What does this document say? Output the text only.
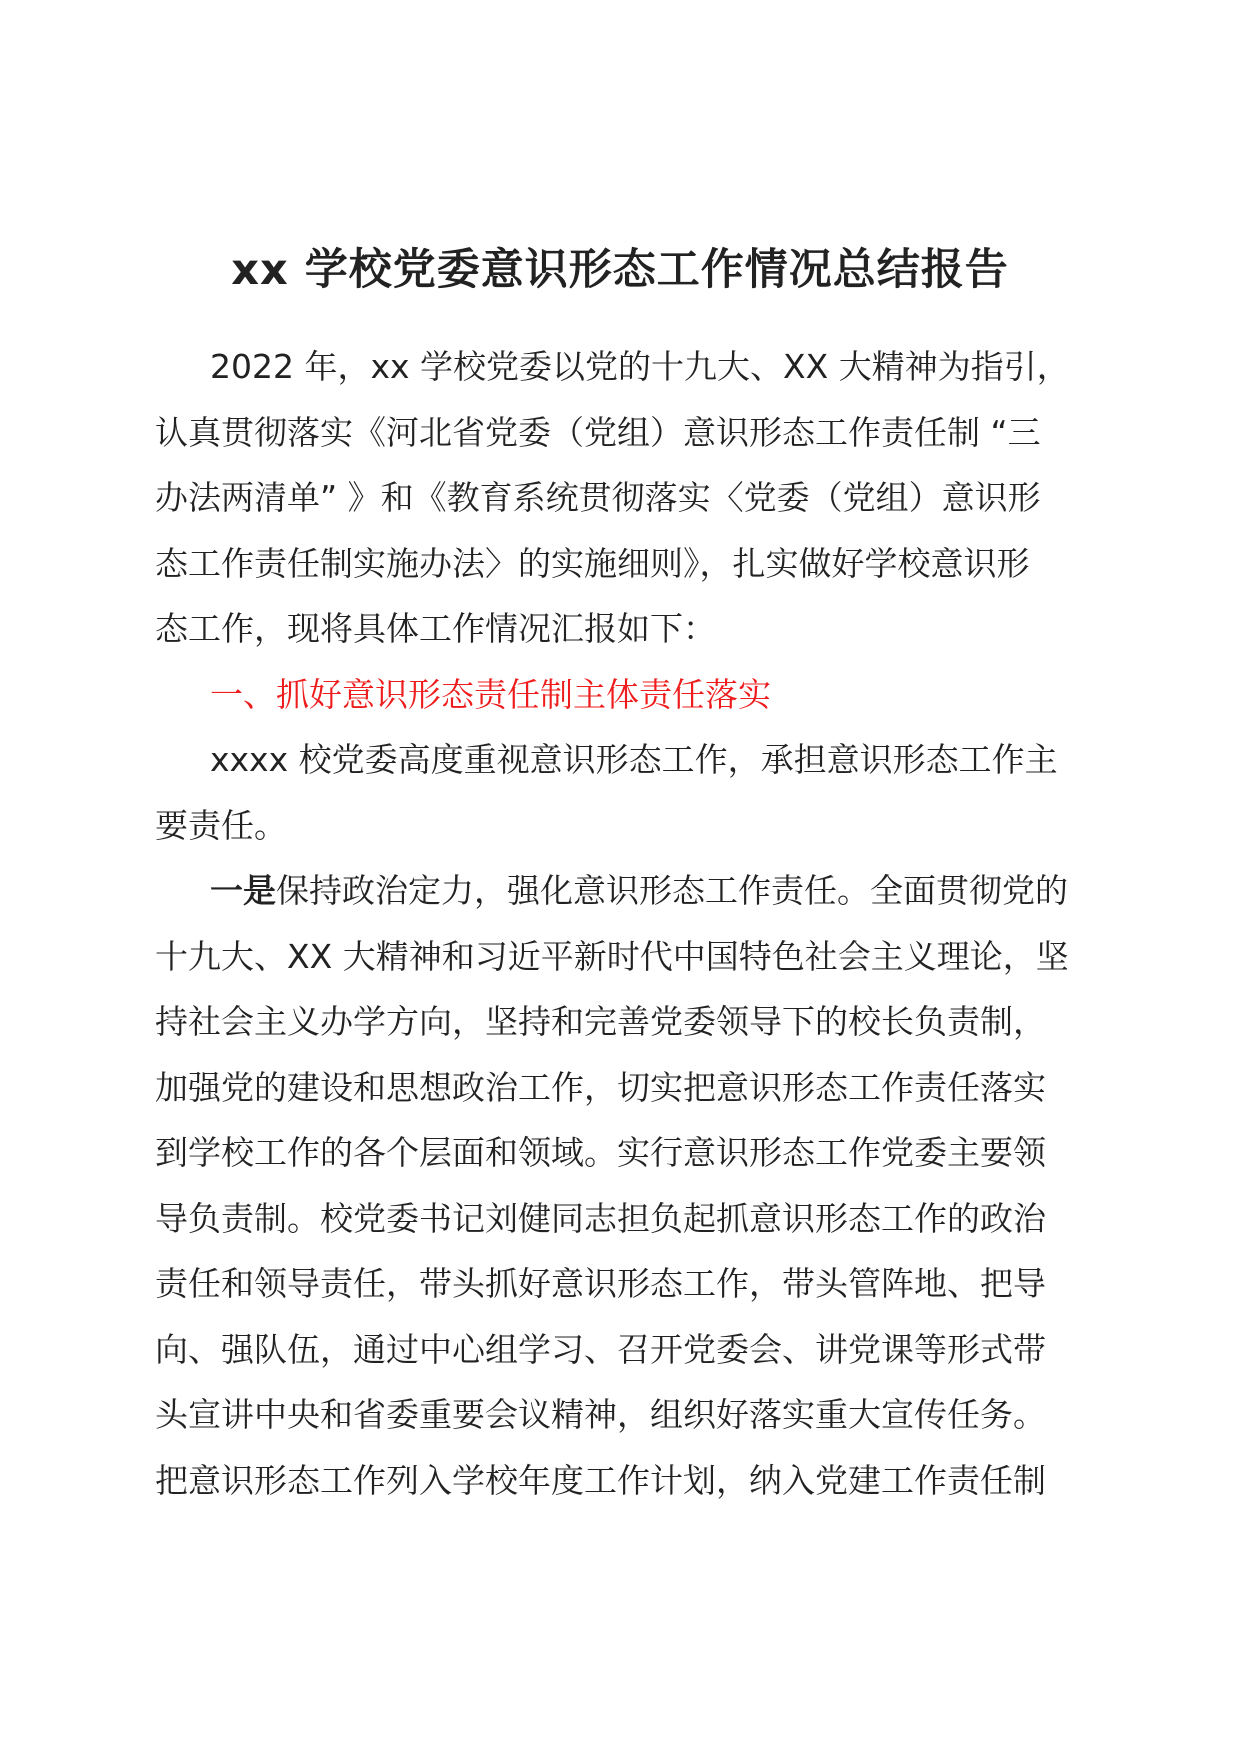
xx 学校党委意识形态工作情况总结报告
2022 年，xx 学校党委以党的十九大、XX 大精神为指引，
认真贯彻落实《河北省党委（党组）意识形态工作责任制 “三
办法两清单” 》和《教育系统贯彻落实〈党委（党组）意识形
态工作责任制实施办法〉的实施细则》，扎实做好学校意识形
态工作，现将具体工作情况汇报如下：
一、抓好意识形态责任制主体责任落实
xxxx 校党委高度重视意识形态工作，承担意识形态工作主
要责任。
一是保持政治定力，强化意识形态工作责任。全面贯彻党的
十九大、XX 大精神和习近平新时代中国特色社会主义理论，坚
持社会主义办学方向，坚持和完善党委领导下的校长负责制，
加强党的建设和思想政治工作，切实把意识形态工作责任落实
到学校工作的各个层面和领域。实行意识形态工作党委主要领
导负责制。校党委书记刘健同志担负起抓意识形态工作的政治
责任和领导责任，带头抓好意识形态工作，带头管阵地、把导
向、强队伍，通过中心组学习、召开党委会、讲党课等形式带
头宣讲中央和省委重要会议精神，组织好落实重大宣传任务。
把意识形态工作列入学校年度工作计划，纳入党建工作责任制
